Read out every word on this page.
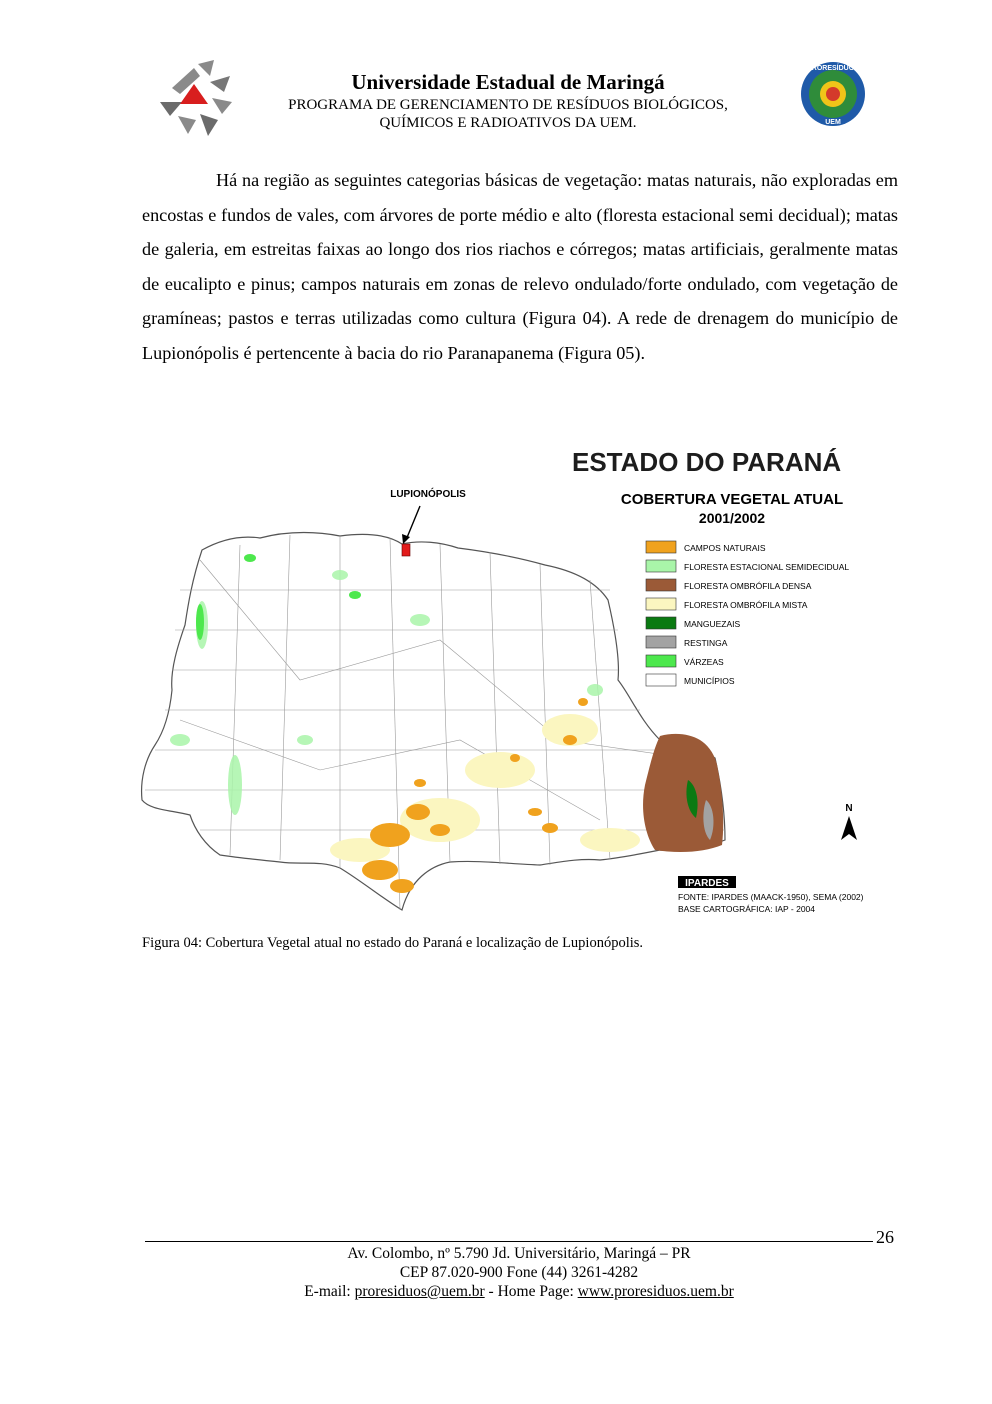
PRORESÍDUOS
UEM
Universidade Estadual de Maringá
PROGRAMA DE GERENCIAMENTO DE RESÍDUOS BIOLÓGICOS,
QUÍMICOS E RADIOATIVOS DA UEM.

Há na região as seguintes categorias básicas de vegetação: matas naturais, não exploradas em encostas e fundos de vales, com árvores de porte médio e alto (floresta estacional semi decidual); matas de galeria, em estreitas faixas ao longo dos rios riachos e córregos; matas artificiais, geralmente matas de eucalipto e pinus; campos naturais em zonas de relevo ondulado/forte ondulado, com vegetação de gramíneas; pastos e terras utilizadas como cultura (Figura 04). A rede de drenagem do município de Lupionópolis é pertencente à bacia do rio Paranapanema (Figura 05).

LUPIONÓPOLIS
ESTADO DO PARANÁ
COBERTURA VEGETAL ATUAL
2001/2002
CAMPOS NATURAIS
FLORESTA ESTACIONAL SEMIDECIDUAL
FLORESTA OMBRÓFILA DENSA
FLORESTA OMBRÓFILA MISTA
MANGUEZAIS
RESTINGA
VÁRZEAS
MUNICÍPIOS
N
IPARDES
FONTE: IPARDES (MAACK-1950), SEMA (2002)
BASE CARTOGRÁFICA: IAP - 2004
Figura 04: Cobertura Vegetal atual no estado do Paraná e localização de Lupionópolis.
26
Av. Colombo, nº 5.790 Jd. Universitário, Maringá – PR
CEP 87.020-900 Fone (44) 3261-4282
E-mail: proresiduos@uem.br - Home Page: www.proresiduos.uem.br
